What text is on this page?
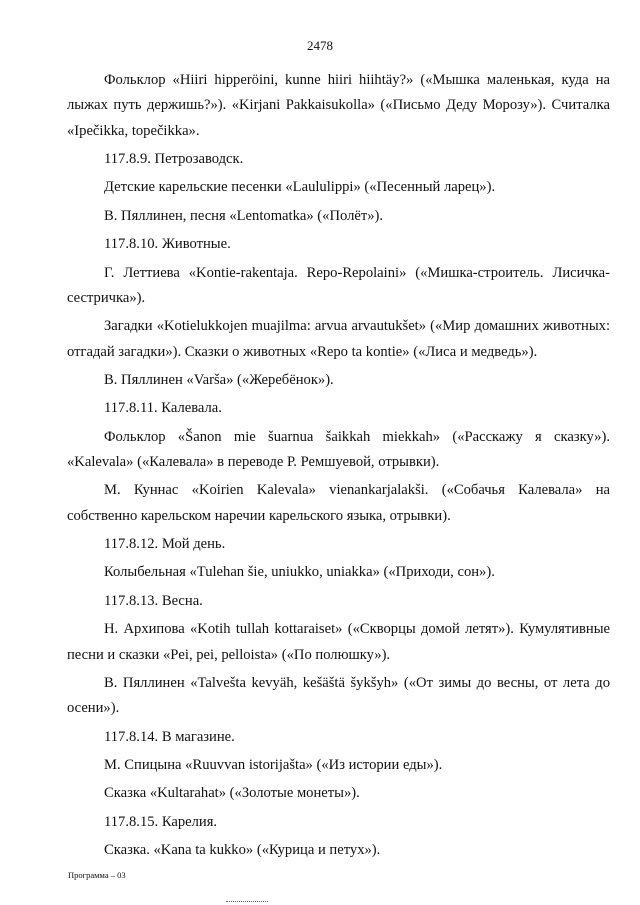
2478

Фольклор «Hiiri hipperöini, kunne hiiri hiihtäy?» («Мышка маленькая, куда на лыжах путь держишь?»). «Kirjani Pakkaisukolla» («Письмо Деду Морозу»). Считалка «Ірečikka, topečikka».

117.8.9. Петрозаводск.

Детские карельские песенки «Laululippi» («Песенный ларец»).

В. Пяллинен, песня «Lentomatka» («Полёт»).

117.8.10. Животные.

Г. Леттиева «Kontie-rakentaja. Repo-Repolaini» («Мишка-строитель. Лисичка-сестричка»).

Загадки «Kotielukkojen muajilma: arvua arvautukšet» («Мир домашних животных: отгадай загадки»). Сказки о животных «Repo ta kontie» («Лиса и медведь»).

В. Пяллинен «Varša» («Жеребёнок»).

117.8.11. Калевала.

Фольклор «Šanon mie šuarnua šaikkah miekkah» («Расскажу я сказку»). «Kalevala» («Калевала» в переводе Р. Ремшуевой, отрывки).

М. Куннас «Koirien Kalevala» vienankarjalakši. («Собачья Калевала» на собственно карельском наречии карельского языка, отрывки).

117.8.12. Мой день.

Колыбельная «Tulehan šie, uniukko, uniakka» («Приходи, сон»).

117.8.13. Весна.

Н. Архипова «Kotih tullah kottaraiset» («Скворцы домой летят»). Кумулятивные песни и сказки «Pei, pei, pelloista» («По полюшку»).

В. Пяллинен «Talvešta kevyäh, kešäštä šykšyh» («От зимы до весны, от лета до осени»).

117.8.14. В магазине.

М. Спицына «Ruuvvan istorijašta» («Из истории еды»).

Сказка «Kultarahat» («Золотые монеты»).

117.8.15. Карелия.

Сказка. «Kana ta kukko» («Курица и петух»).

Программа – 03
